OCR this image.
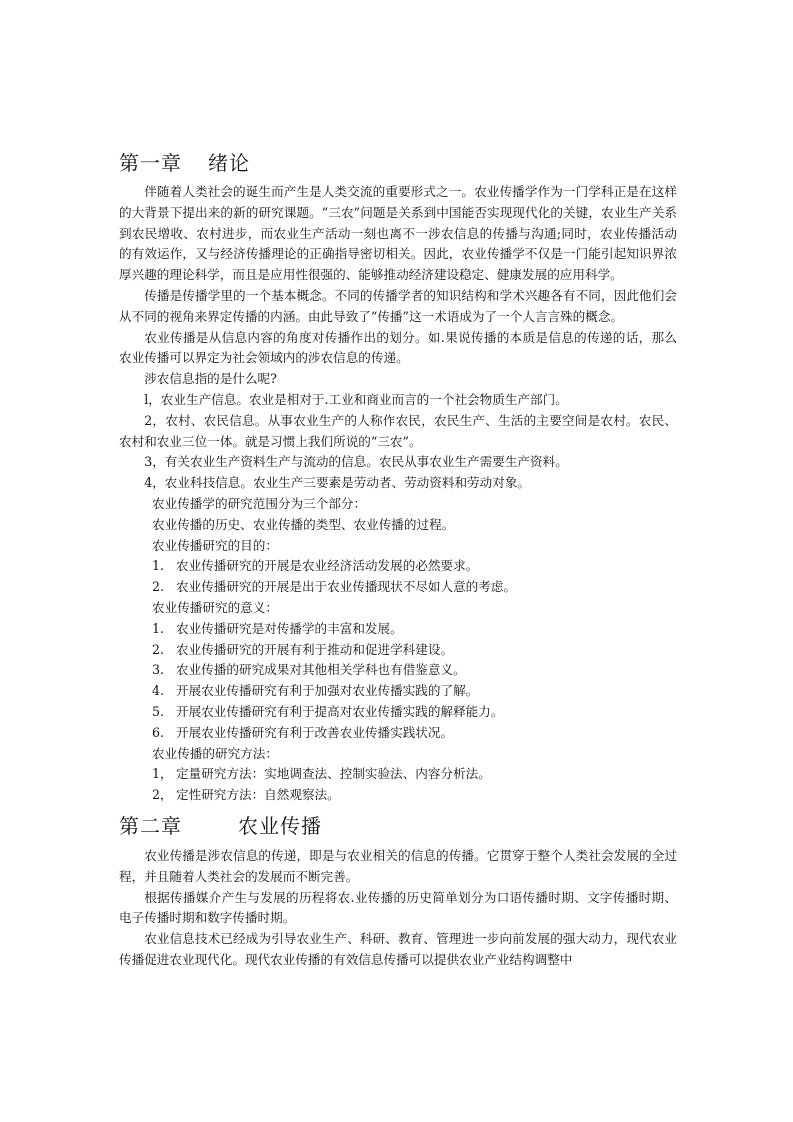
第一章 绪论

伴随着人类社会的诞生而产生是人类交流的重要形式之一。农业传播学作为一门学科正是在这样的大背景下提出来的新的研究课题。“三农”问题是关系到中国能否实现现代化的关键，农业生产关系到农民增收、农村进步，而农业生产活动一刻也离不一涉农信息的传播与沟通;同时，农业传播活动的有效运作，又与经济传播理论的正确指导密切相关。因此，农业传播学不仅是一门能引起知识界浓厚兴趣的理论科学，而且是应用性很强的、能够推动经济建设稳定、健康发展的应用科学。

传播是传播学里的一个基本概念。不同的传播学者的知识结构和学术兴趣各有不同，因此他们会从不同的视角来界定传播的内涵。由此导致了“传播”这一术语成为了一个人言言殊的概念。

农业传播是从信息内容的角度对传播作出的划分。如.果说传播的本质是信息的传递的话，那么农业传播可以界定为社会领域内的涉农信息的传递。

涉农信息指的是什么呢?

l，农业生产信息。农业是相对于.工业和商业而言的一个社会物质生产部门。

2，农村、农民信息。从事农业生产的人称作农民，农民生产、生活的主要空间是农村。农民、农村和农业三位一体。就是习惯上我们所说的“三农”。

3，有关农业生产资料生产与流动的信息。农民从事农业生产需要生产资料。

4，农业科技信息。农业生产三要素是劳动者、劳动资料和劳动对象。

农业传播学的研究范围分为三个部分：

农业传播的历史、农业传播的类型、农业传播的过程。

农业传播研究的目的：

1. 农业传播研究的开展是农业经济活动发展的必然要求。

2. 农业传播研究的开展是出于农业传播现状不尽如人意的考虑。

农业传播研究的意义：

1. 农业传播研究是对传播学的丰富和发展。

2. 农业传播研究的开展有利于推动和促进学科建设。

3. 农业传播的研究成果对其他相关学科也有借鉴意义。

4. 开展农业传播研究有利于加强对农业传播实践的了解。

5. 开展农业传播研究有利于提高对农业传播实践的解释能力。

6. 开展农业传播研究有利于改善农业传播实践状况。

农业传播的研究方法：

1， 定量研究方法：实地调查法、控制实验法、内容分析法。

2， 定性研究方法：自然观察法。

第二章	农业传播

农业传播是涉农信息的传递，即是与农业相关的信息的传播。它贯穿于整个人类社会发展的全过程，并且随着人类社会的发展而不断完善。

根据传播媒介产生与发展的历程将农.业传播的历史简单划分为口语传播时期、文字传播时期、电子传播时期和数字传播时期。

农业信息技术已经成为引导农业生产、科研、教育、管理进一步向前发展的强大动力，现代农业传播促进农业现代化。现代农业传播的有效信息传播可以提供农业产业结构调整中
